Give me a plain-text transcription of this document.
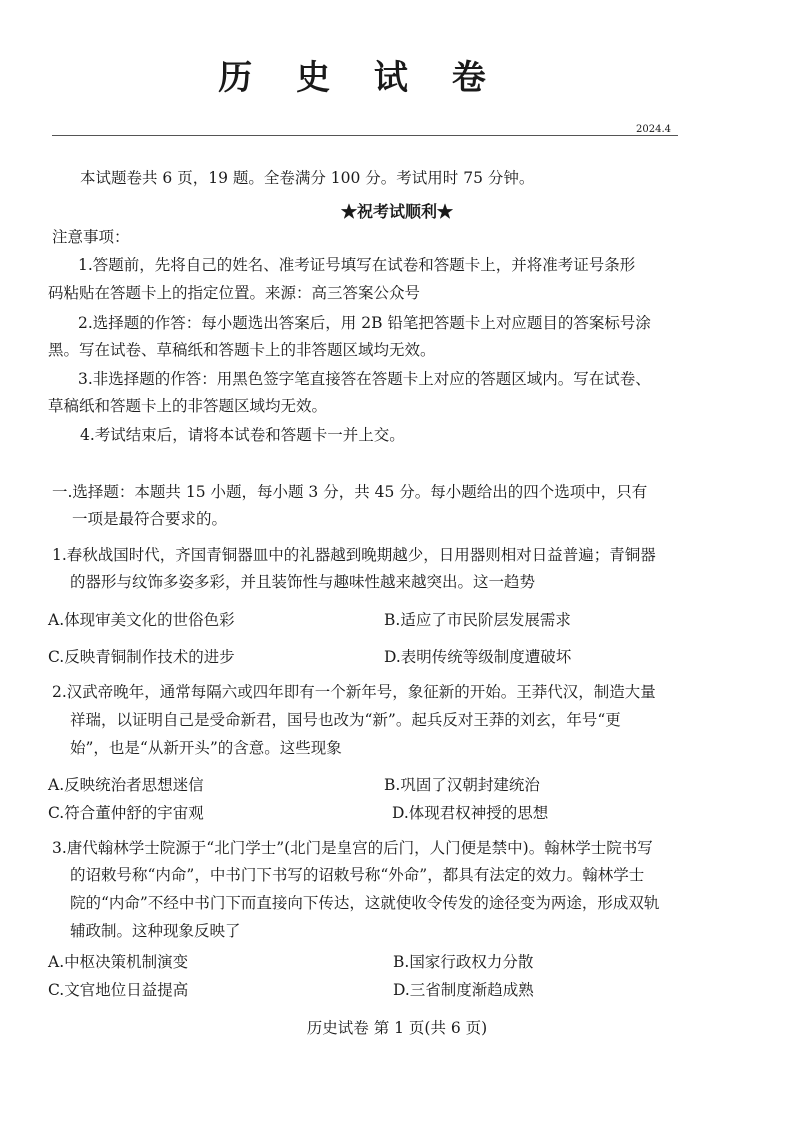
历 史 试 卷
2024.4
本试题卷共 6 页，19 题。全卷满分 100 分。考试用时 75 分钟。
★祝考试顺利★
注意事项：
1.答题前，先将自己的姓名、准考证号填写在试卷和答题卡上，并将准考证号条形
码粘贴在答题卡上的指定位置。来源：高三答案公众号
2.选择题的作答：每小题选出答案后，用 2B 铅笔把答题卡上对应题目的答案标号涂
黑。写在试卷、草稿纸和答题卡上的非答题区域均无效。
3.非选择题的作答：用黑色签字笔直接答在答题卡上对应的答题区域内。写在试卷、
草稿纸和答题卡上的非答题区域均无效。
4.考试结束后，请将本试卷和答题卡一并上交。
一.选择题：本题共 15 小题，每小题 3 分，共 45 分。每小题给出的四个选项中，只有
一项是最符合要求的。
1.春秋战国时代，齐国青铜器皿中的礼器越到晚期越少，日用器则相对日益普遍；青铜器
的器形与纹饰多姿多彩，并且装饰性与趣味性越来越突出。这一趋势
A.体现审美文化的世俗色彩	B.适应了市民阶层发展需求
C.反映青铜制作技术的进步	D.表明传统等级制度遭破坏
2.汉武帝晚年，通常每隔六或四年即有一个新年号，象征新的开始。王莽代汉，制造大量
祥瑞，以证明自己是受命新君，国号也改为“新”。起兵反对王莽的刘玄，年号“更
始”，也是“从新开头”的含意。这些现象
A.反映统治者思想迷信	B.巩固了汉朝封建统治
C.符合董仲舒的宇宙观	D.体现君权神授的思想
3.唐代翰林学士院源于“北门学士”(北门是皇宫的后门，人门便是禁中)。翰林学士院书写
的诏敕号称“内命”，中书门下书写的诏敕号称“外命”，都具有法定的效力。翰林学士
院的“内命”不经中书门下而直接向下传达，这就使收令传发的途径变为两途，形成双轨
辅政制。这种现象反映了
A.中枢决策机制演变	B.国家行政权力分散
C.文官地位日益提高	D.三省制度渐趋成熟
历史试卷 第 1 页(共 6 页)
